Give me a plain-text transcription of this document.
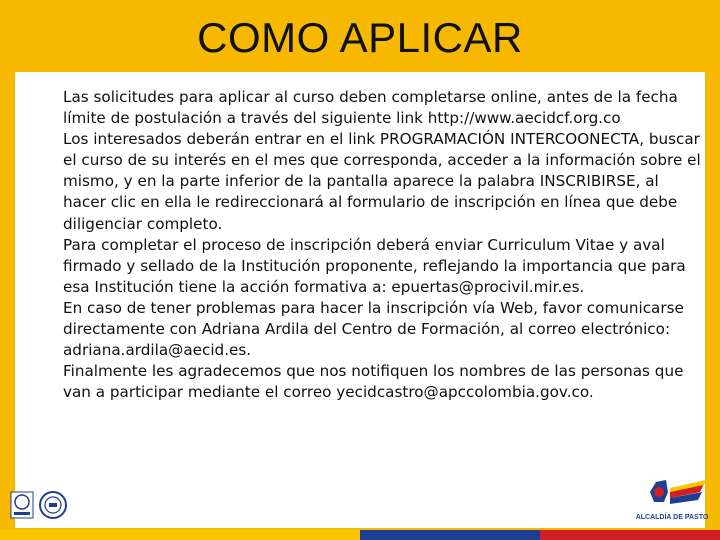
COMO APLICAR

Las solicitudes para aplicar al curso deben completarse online, antes de la fecha límite de postulación a través del siguiente link http://www.aecidcf.org.co

Los interesados deberán entrar en el link PROGRAMACIÓN INTERCOONECTA, buscar el curso de su interés en el mes que corresponda, acceder a la información sobre el mismo, y en la parte inferior de la pantalla aparece la palabra INSCRIBIRSE, al hacer clic en ella le redireccionará al formulario de inscripción en línea que debe diligenciar completo.

Para completar el proceso de inscripción deberá enviar Curriculum Vitae y aval firmado y sellado de la Institución proponente, reflejando la importancia que para esa Institución tiene la acción formativa a: epuertas@procivil.mir.es.

En caso de tener problemas para hacer la inscripción vía Web, favor comunicarse directamente con Adriana Ardila del Centro de Formación, al correo electrónico: adriana.ardila@aecid.es.

Finalmente les agradecemos que nos notifiquen los nombres de las personas que van a participar mediante el correo yecidcastro@apccolombia.gov.co.

ALCALDÍA DE PASTO
